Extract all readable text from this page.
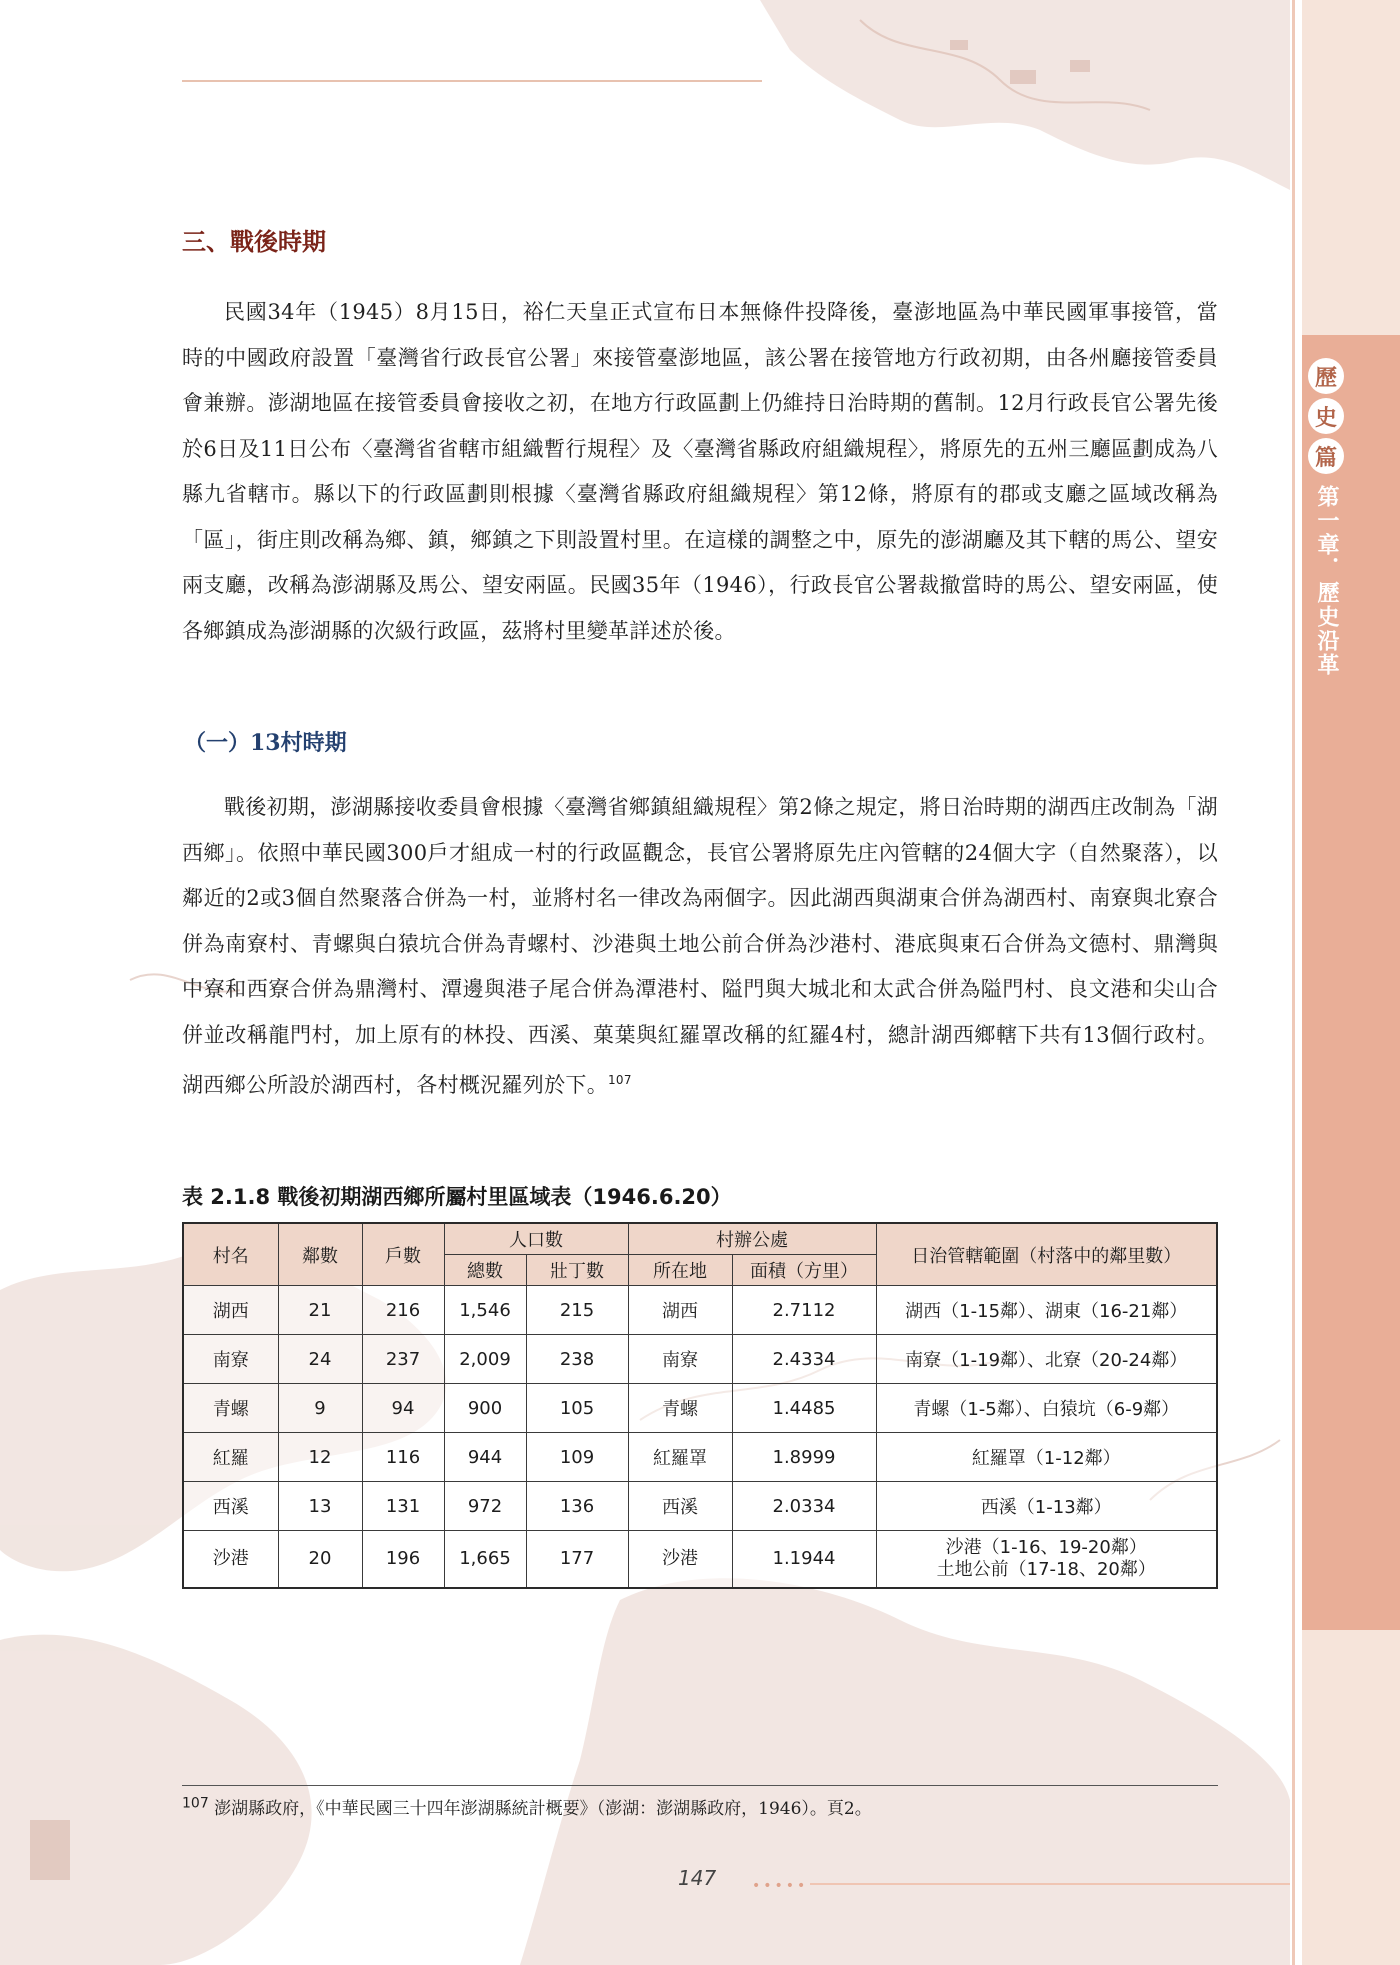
歷
史
篇
第一章．歷史沿革
三、戰後時期

民國34年（1945）8月15日，裕仁天皇正式宣布日本無條件投降後，臺澎地區為中華民國軍事接管，當時的中國政府設置「臺灣省行政長官公署」來接管臺澎地區，該公署在接管地方行政初期，由各州廳接管委員會兼辦。澎湖地區在接管委員會接收之初，在地方行政區劃上仍維持日治時期的舊制。12月行政長官公署先後於6日及11日公布〈臺灣省省轄市組織暫行規程〉及〈臺灣省縣政府組織規程〉，將原先的五州三廳區劃成為八縣九省轄市。縣以下的行政區劃則根據〈臺灣省縣政府組織規程〉第12條，將原有的郡或支廳之區域改稱為「區」，街庄則改稱為鄉、鎮，鄉鎮之下則設置村里。在這樣的調整之中，原先的澎湖廳及其下轄的馬公、望安兩支廳，改稱為澎湖縣及馬公、望安兩區。民國35年（1946），行政長官公署裁撤當時的馬公、望安兩區，使各鄉鎮成為澎湖縣的次級行政區，茲將村里變革詳述於後。

（一）13村時期

戰後初期，澎湖縣接收委員會根據〈臺灣省鄉鎮組織規程〉第2條之規定，將日治時期的湖西庄改制為「湖西鄉」。依照中華民國300戶才組成一村的行政區觀念，長官公署將原先庄內管轄的24個大字（自然聚落），以鄰近的2或3個自然聚落合併為一村，並將村名一律改為兩個字。因此湖西與湖東合併為湖西村、南寮與北寮合併為南寮村、青螺與白猿坑合併為青螺村、沙港與土地公前合併為沙港村、港底與東石合併為文德村、鼎灣與中寮和西寮合併為鼎灣村、潭邊與港子尾合併為潭港村、隘門與大城北和太武合併為隘門村、良文港和尖山合併並改稱龍門村，加上原有的林投、西溪、菓葉與紅羅罩改稱的紅羅4村，總計湖西鄉轄下共有13個行政村。湖西鄉公所設於湖西村，各村概況羅列於下。$^{107}$

表 2.1.8 戰後初期湖西鄉所屬村里區域表（1946.6.20）

村名	鄰數	戶數	人口數		村辦公處		日治管轄範圍（村落中的鄰里數）
			總數	壯丁數	所在地	面積（方里）	
湖西	21	216	1,546	215	湖西	2.7112	湖西（1-15鄰）、湖東（16-21鄰）
南寮	24	237	2,009	238	南寮	2.4334	南寮（1-19鄰）、北寮（20-24鄰）
青螺	9	94	900	105	青螺	1.4485	青螺（1-5鄰）、白猿坑（6-9鄰）
紅羅	12	116	944	109	紅羅罩	1.8999	紅羅罩（1-12鄰）
西溪	13	131	972	136	西溪	2.0334	西溪（1-13鄰）
沙港	20	196	1,665	177	沙港	1.1944	沙港（1-16、19-20鄰）
土地公前（17-18、20鄰）

$^{107}$ 澎湖縣政府，《中華民國三十四年澎湖縣統計概要》（澎湖：澎湖縣政府，1946）。頁2。

147	•••••
